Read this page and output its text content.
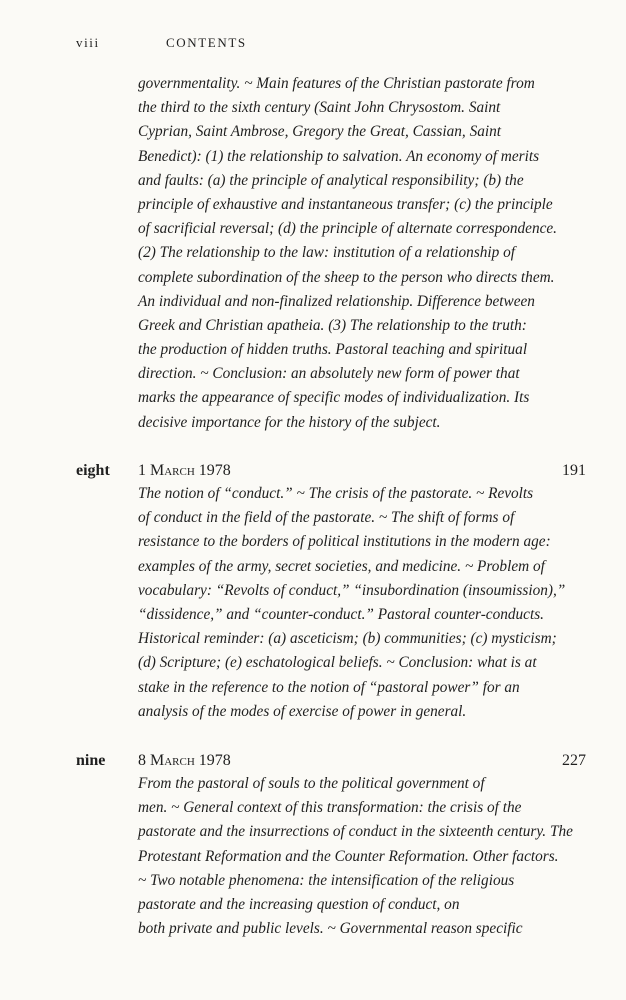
viii	CONTENTS
governmentality. ~ Main features of the Christian pastorate from
the third to the sixth century (Saint John Chrysostom. Saint
Cyprian, Saint Ambrose, Gregory the Great, Cassian, Saint
Benedict): (1) the relationship to salvation. An economy of merits
and faults: (a) the principle of analytical responsibility; (b) the
principle of exhaustive and instantaneous transfer; (c) the principle
of sacrificial reversal; (d) the principle of alternate correspondence.
(2) The relationship to the law: institution of a relationship of
complete subordination of the sheep to the person who directs them.
An individual and non-finalized relationship. Difference between
Greek and Christian apatheia. (3) The relationship to the truth:
the production of hidden truths. Pastoral teaching and spiritual
direction. ~ Conclusion: an absolutely new form of power that
marks the appearance of specific modes of individualization. Its
decisive importance for the history of the subject.
eight 1 March 1978	191
The notion of “conduct.” ~ The crisis of the pastorate. ~ Revolts
of conduct in the field of the pastorate. ~ The shift of forms of
resistance to the borders of political institutions in the modern age:
examples of the army, secret societies, and medicine. ~ Problem of
vocabulary: “Revolts of conduct,” “insubordination (insoumission),”
“dissidence,” and “counter-conduct.” Pastoral counter-conducts.
Historical reminder: (a) asceticism; (b) communities; (c) mysticism;
(d) Scripture; (e) eschatological beliefs. ~ Conclusion: what is at
stake in the reference to the notion of “pastoral power” for an
analysis of the modes of exercise of power in general.
nine 8 March 1978	227
From the pastoral of souls to the political government of
men. ~ General context of this transformation: the crisis of the
pastorate and the insurrections of conduct in the sixteenth century. The
Protestant Reformation and the Counter Reformation. Other factors.
~ Two notable phenomena: the intensification of the religious
pastorate and the increasing question of conduct, on
both private and public levels. ~ Governmental reason specific
